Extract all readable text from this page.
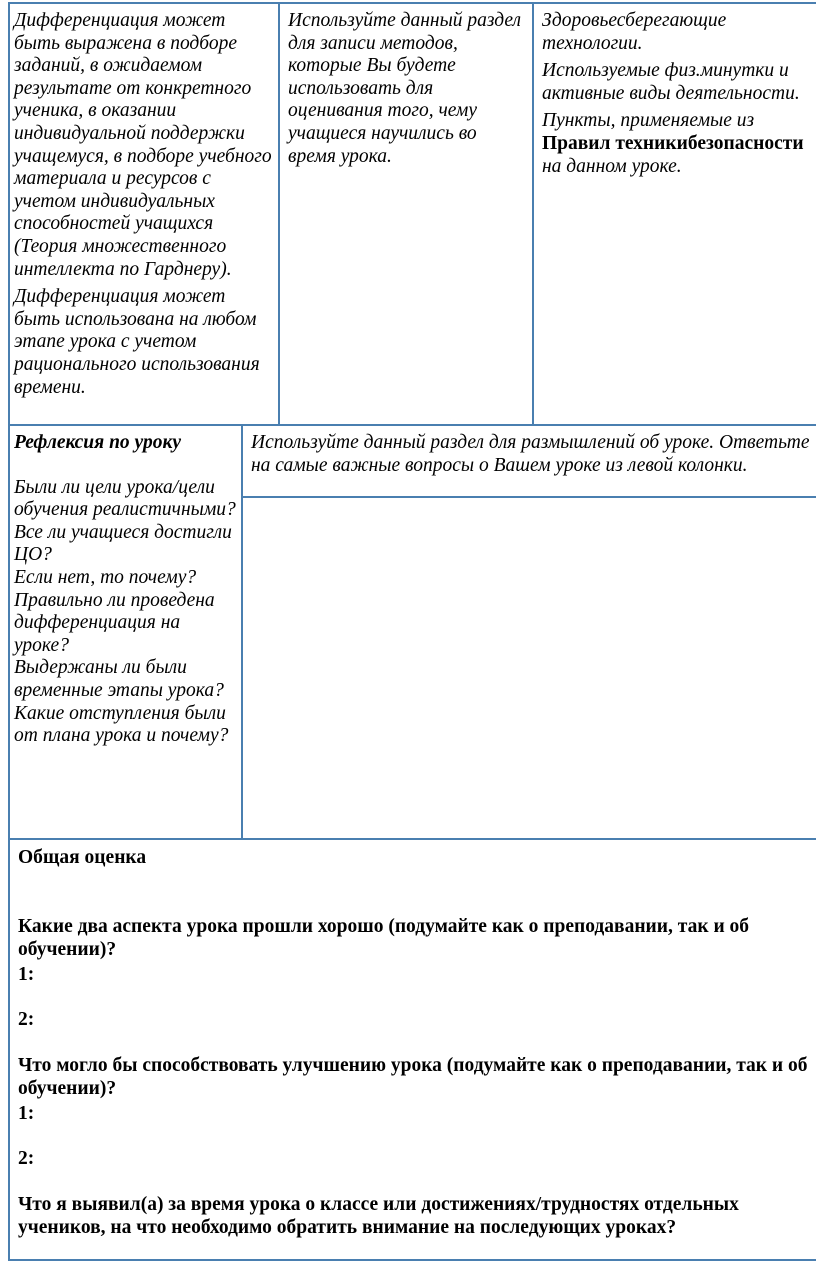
Дифференциация может быть выражена в подборе заданий, в ожидаемом результате от конкретного ученика, в оказании индивидуальной поддержки учащемуся, в подборе учебного материала и ресурсов с учетом индивидуальных способностей учащихся (Теория множественного интеллекта по Гарднеру).

Дифференциация может быть использована на любом этапе урока с учетом рационального использования времени.

Используйте данный раздел для записи методов, которые Вы будете использовать для оценивания того, чему учащиеся научились во время урока.

Здоровьесберегающие технологии.

Используемые физ.минутки и активные виды деятельности.

Пункты, применяемые из Правил техникибезопасности на данном уроке.

Рефлексия по уроку

Были ли цели урока/цели обучения реалистичными?

Все ли учащиеся достигли ЦО?

Если нет, то почему?

Правильно ли проведена дифференциация на уроке?

Выдержаны ли были временные этапы урока?

Какие отступления были от плана урока и почему?

Используйте данный раздел для размышлений об уроке. Ответьте на самые важные вопросы о Вашем уроке из левой колонки.

Общая оценка

Какие два аспекта урока прошли хорошо (подумайте как о преподавании, так и об обучении)?

1:

2:

Что могло бы способствовать улучшению урока (подумайте как о преподавании, так и об обучении)?

1:

2:

Что я выявил(а) за время урока о классе или достижениях/трудностях отдельных учеников, на что необходимо обратить внимание на последующих уроках?
